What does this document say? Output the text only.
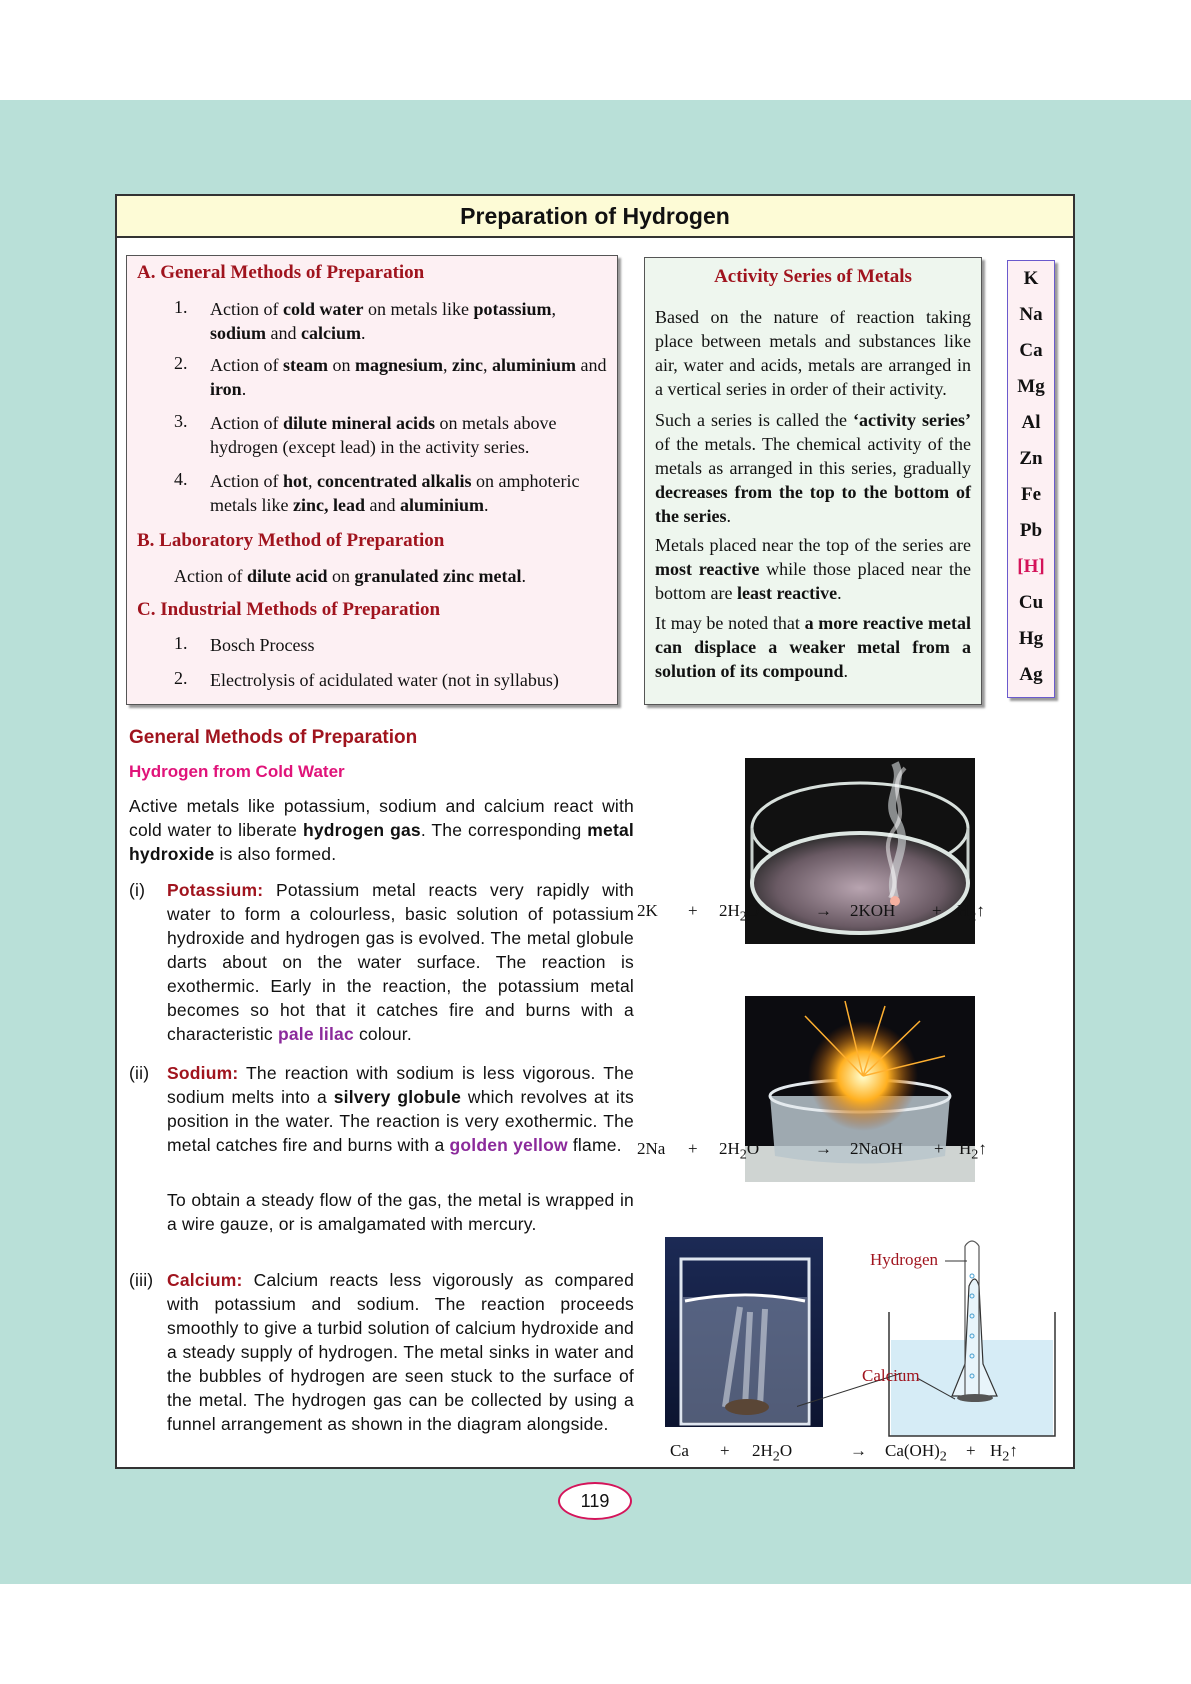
Preparation of Hydrogen
A. General Methods of Preparation
1. Action of cold water on metals like potassium, sodium and calcium.
2. Action of steam on magnesium, zinc, aluminium and iron.
3. Action of dilute mineral acids on metals above hydrogen (except lead) in the activity series.
4. Action of hot, concentrated alkalis on amphoteric metals like zinc, lead and aluminium.
B. Laboratory Method of Preparation
Action of dilute acid on granulated zinc metal.
C. Industrial Methods of Preparation
1. Bosch Process
2. Electrolysis of acidulated water (not in syllabus)
Activity Series of Metals
Based on the nature of reaction taking place between metals and substances like air, water and acids, metals are arranged in a vertical series in order of their activity.
Such a series is called the ‘activity series’ of the metals. The chemical activity of the metals as arranged in this series, gradually decreases from the top to the bottom of the series.
Metals placed near the top of the series are most reactive while those placed near the bottom are least reactive.
It may be noted that a more reactive metal can displace a weaker metal from a solution of its compound.
K
Na
Ca
Mg
Al
Zn
Fe
Pb
[H]
Cu
Hg
Ag
General Methods of Preparation
Hydrogen from Cold Water
Active metals like potassium, sodium and calcium react with cold water to liberate hydrogen gas. The corresponding metal hydroxide is also formed.
(i) Potassium: Potassium metal reacts very rapidly with water to form a colourless, basic solution of potassium hydroxide and hydrogen gas is evolved. The metal globule darts about on the water surface. The reaction is exothermic. Early in the reaction, the potassium metal becomes so hot that it catches fire and burns with a characteristic pale lilac colour.
(ii) Sodium: The reaction with sodium is less vigorous. The sodium melts into a silvery globule which revolves at its position in the water. The reaction is very exothermic. The metal catches fire and burns with a golden yellow flame.
To obtain a steady flow of the gas, the metal is wrapped in a wire gauze, or is amalgamated with mercury.
(iii) Calcium: Calcium reacts less vigorously as compared with potassium and sodium. The reaction proceeds smoothly to give a turbid solution of calcium hydroxide and a steady supply of hydrogen. The metal sinks in water and the bubbles of hydrogen are seen stuck to the surface of the metal. The hydrogen gas can be collected by using a funnel arrangement as shown in the diagram alongside.
$2K + 2H_2O$	→ $2KOH + H_2↑$
$2Na + 2H_2O$	→ 2NaOH + $H_2↑$
Hydrogen
Calcium
$Ca + 2H_2O$	→ $Ca(OH)_2$ + $H_2↑$
119
